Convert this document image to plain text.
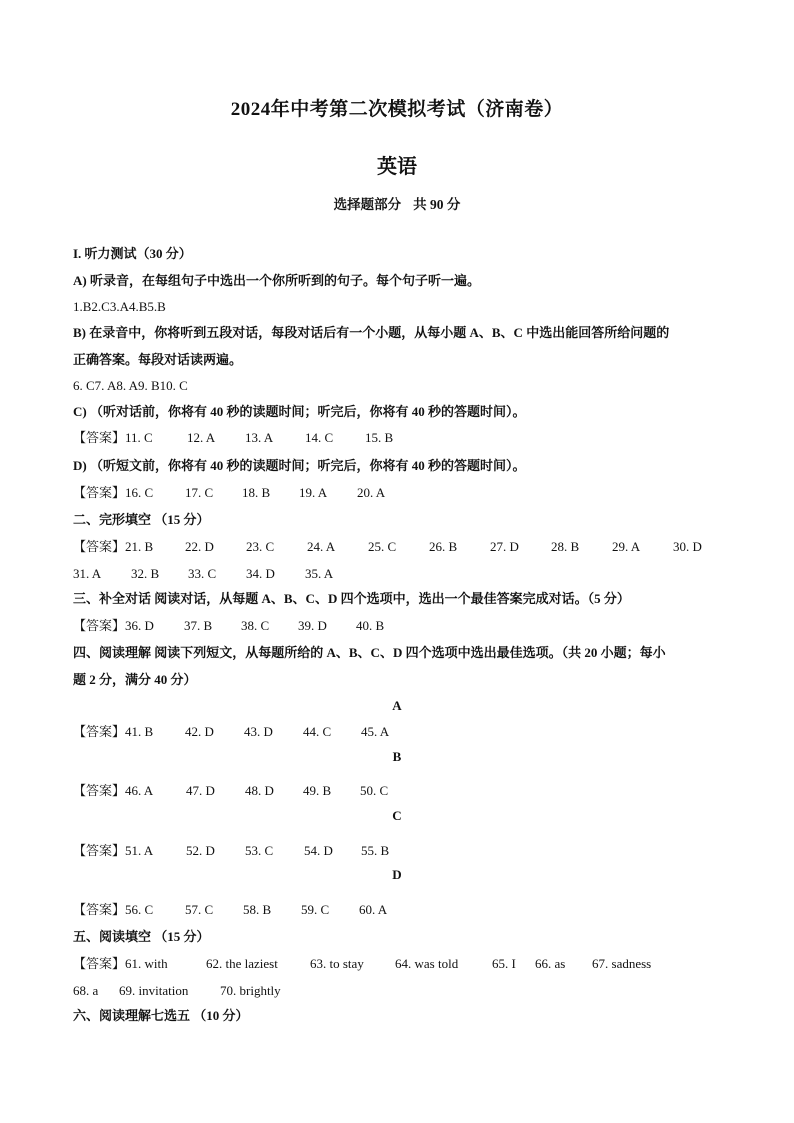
2024年中考第二次模拟考试（济南卷）
英语
选择题部分 共 90 分
I. 听力测试（30 分）
A) 听录音，在每组句子中选出一个你所听到的句子。每个句子听一遍。
1.B2.C3.A4.B5.B
B) 在录音中，你将听到五段对话，每段对话后有一个小题，从每小题 A、B、C 中选出能回答所给问题的
正确答案。每段对话读两遍。
6. C7. A8. A9. B10. C
C) （听对话前，你将有 40 秒的读题时间；听完后，你将有 40 秒的答题时间）。
【答案】11. C	12. A 13. A 14. C 15. B
D) （听短文前，你将有 40 秒的读题时间；听完后，你将有 40 秒的答题时间）。
【答案】16. C 17. C 18. B 19. A 20. A
二、完形填空 （15 分）
【答案】21. B 22. D 23. C	24. A	25. C	26. B	27. D 28. B	29. A	30. D
31. A 32. B 33. C 34. D 35. A
三、补全对话 阅读对话，从每题 A、B、C、D 四个选项中，选出一个最佳答案完成对话。（5 分）
【答案】36. D 37. B 38. C 39. D 40. B
四、阅读理解 阅读下列短文，从每题所给的 A、B、C、D 四个选项中选出最佳选项。（共 20 小题；每小
题 2 分，满分 40 分）
A
【答案】41. B 42. D 43. D 44. C 45. A
B
【答案】46. A	47. D 48. D 49. B 50. C
C
【答案】51. A	52. D 53. C 54. D 55. B
D
【答案】56. C 57. C 58. B 59. C 60. A
五、阅读填空 （15 分）
【答案】61. with	62. the laziest 63. to stay 64. was told	65. I 66. as 67. sadness
68. a 69. invitation 70. brightly
六、阅读理解七选五 （10 分）
